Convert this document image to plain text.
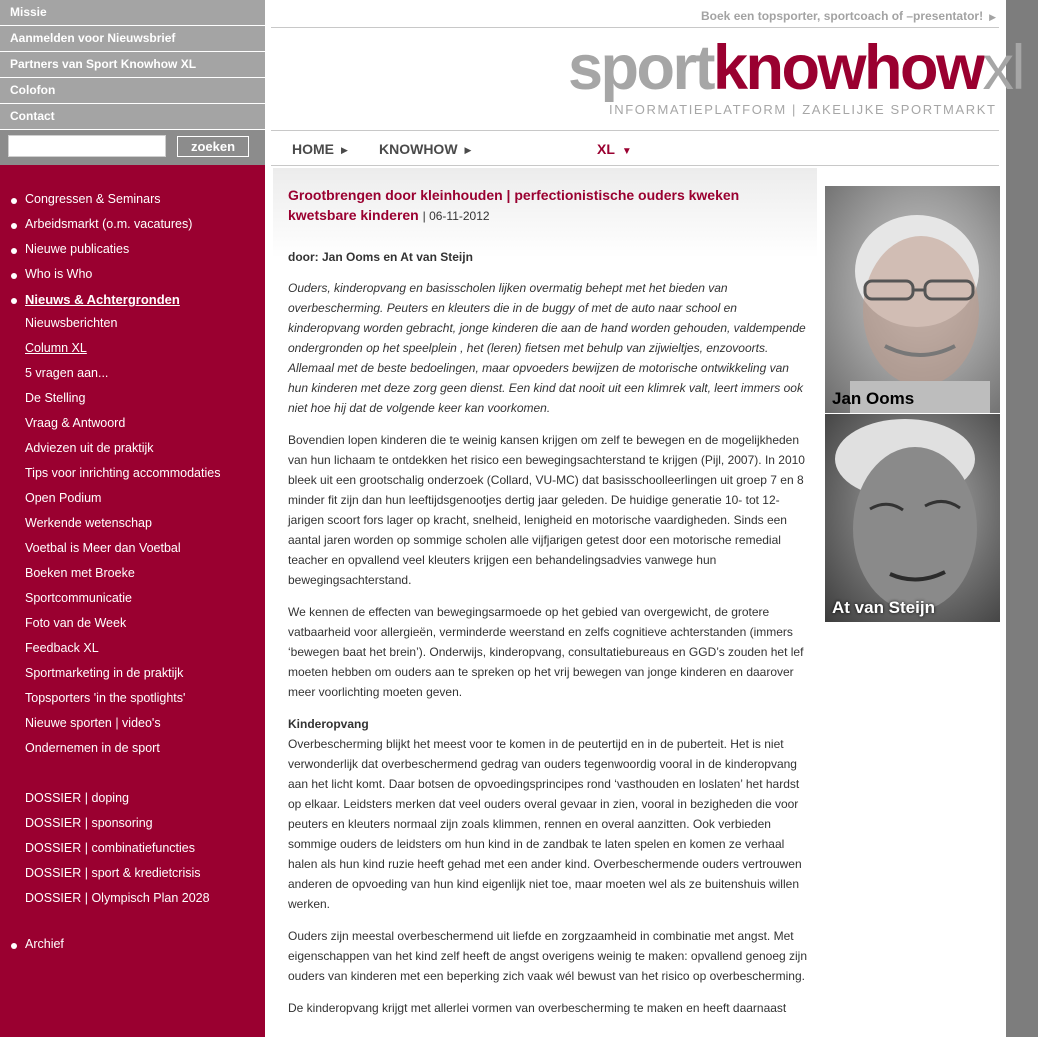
Missie
Aanmelden voor Nieuwsbrief
Partners van Sport Knowhow XL
Colofon
Contact
zoeken
Congressen & Seminars
Arbeidsmarkt (o.m. vacatures)
Nieuwe publicaties
Who is Who
Nieuws & Achtergronden
Nieuwsberichten
Column XL
5 vragen aan...
De Stelling
Vraag & Antwoord
Adviezen uit de praktijk
Tips voor inrichting accommodaties
Open Podium
Werkende wetenschap
Voetbal is Meer dan Voetbal
Boeken met Broeke
Sportcommunicatie
Foto van de Week
Feedback XL
Sportmarketing in de praktijk
Topsporters 'in the spotlights'
Nieuwe sporten | video's
Ondernemen in de sport
DOSSIER | doping
DOSSIER | sponsoring
DOSSIER | combinatiefuncties
DOSSIER | sport & kredietcrisis
DOSSIER | Olympisch Plan 2028
Archief
Boek een topsporter, sportcoach of –presentator! ▶
sportknowhowxl
INFORMATIEPLATFORM | ZAKELIJKE SPORTMARKT
HOME ▶ KNOWHOW ▶	XL ▼
Grootbrengen door kleinhouden | perfectionistische ouders kweken kwetsbare kinderen | 06-11-2012
door: Jan Ooms en At van Steijn

Ouders, kinderopvang en basisscholen lijken overmatig behept met het bieden van overbescherming. Peuters en kleuters die in de buggy of met de auto naar school en kinderopvang worden gebracht, jonge kinderen die aan de hand worden gehouden, valdempende ondergronden op het speelplein , het (leren) fietsen met behulp van zijwieltjes, enzovoorts. Allemaal met de beste bedoelingen, maar opvoeders bewijzen de motorische ontwikkeling van hun kinderen met deze zorg geen dienst. Een kind dat nooit uit een klimrek valt, leert immers ook niet hoe hij dat de volgende keer kan voorkomen.

Bovendien lopen kinderen die te weinig kansen krijgen om zelf te bewegen en de mogelijkheden van hun lichaam te ontdekken het risico een bewegingsachterstand te krijgen (Pijl, 2007). In 2010 bleek uit een grootschalig onderzoek (Collard, VU-MC) dat basisschoolleerlingen uit groep 7 en 8 minder fit zijn dan hun leeftijdsgenootjes dertig jaar geleden. De huidige generatie 10- tot 12-jarigen scoort fors lager op kracht, snelheid, lenigheid en motorische vaardigheden. Sinds een aantal jaren worden op sommige scholen alle vijfjarigen getest door een motorische remedial teacher en opvallend veel kleuters krijgen een behandelingsadvies vanwege hun bewegingsachterstand.

We kennen de effecten van bewegingsarmoede op het gebied van overgewicht, de grotere vatbaarheid voor allergieën, verminderde weerstand en zelfs cognitieve achterstanden (immers ‘bewegen baat het brein’). Onderwijs, kinderopvang, consultatiebureaus en GGD’s zouden het lef moeten hebben om ouders aan te spreken op het vrij bewegen van jonge kinderen en daarover meer voorlichting moeten geven.

Kinderopvang
Overbescherming blijkt het meest voor te komen in de peutertijd en in de puberteit. Het is niet verwonderlijk dat overbeschermend gedrag van ouders tegenwoordig vooral in de kinderopvang aan het licht komt. Daar botsen de opvoedingsprincipes rond ‘vasthouden en loslaten’ het hardst op elkaar. Leidsters merken dat veel ouders overal gevaar in zien, vooral in bezigheden die voor peuters en kleuters normaal zijn zoals klimmen, rennen en overal aanzitten. Ook verbieden sommige ouders de leidsters om hun kind in de zandbak te laten spelen en komen ze verhaal halen als hun kind ruzie heeft gehad met een ander kind. Overbeschermende ouders vertrouwen anderen de opvoeding van hun kind eigenlijk niet toe, maar moeten wel als ze buitenshuis willen werken.

Ouders zijn meestal overbeschermend uit liefde en zorgzaamheid in combinatie met angst. Met eigenschappen van het kind zelf heeft de angst overigens weinig te maken: opvallend genoeg zijn ouders van kinderen met een beperking zich vaak wél bewust van het risico op overbescherming.

De kinderopvang krijgt met allerlei vormen van overbescherming te maken en heeft daarnaast

Jan Ooms
At van Steijn
